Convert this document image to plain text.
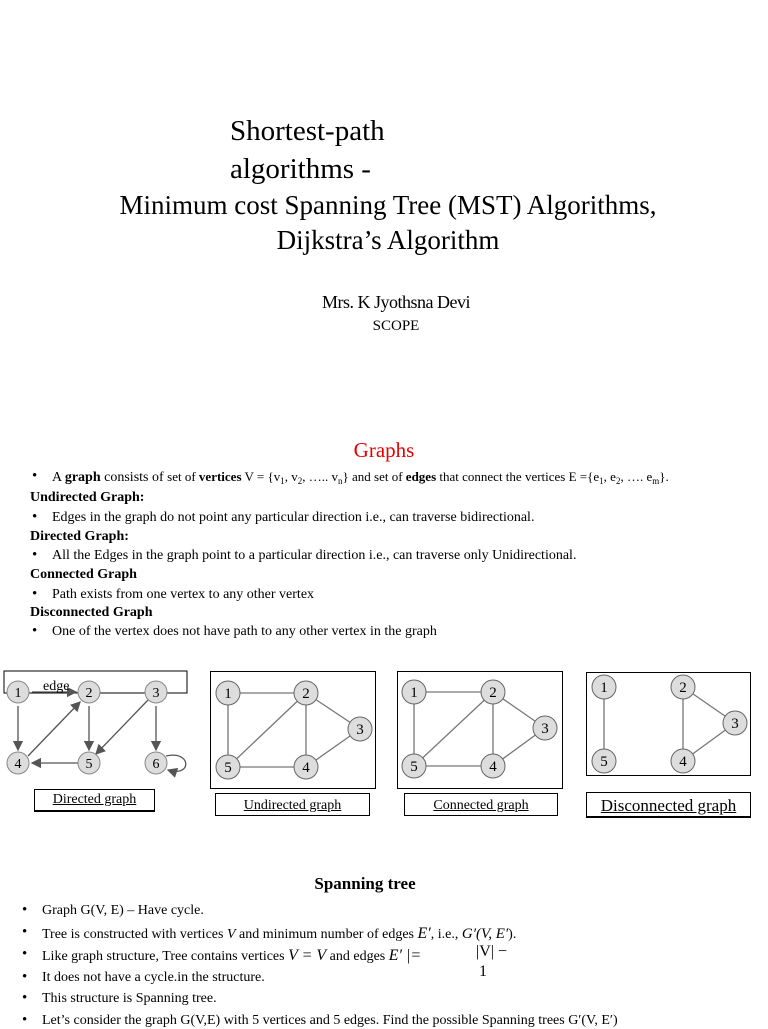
Shortest-path
algorithms -
Minimum cost Spanning Tree (MST) Algorithms,
Dijkstra’s Algorithm
Mrs. K Jyothsna Devi
SCOPE
Graphs
• A graph consists of set of vertices $V = \{v_1$, $v_2$, ….. $v_n$} and set of edges that connect the vertices $E =\{e_1$, $e_2$, …. $e_m$}.
Undirected Graph:
• Edges in the graph do not point any particular direction i.e., can traverse bidirectional.
Directed Graph:
• All the Edges in the graph point to a particular direction i.e., can traverse only Unidirectional.
Connected Graph
• Path exists from one vertex to any other vertex
Disconnected Graph
• One of the vertex does not have path to any other vertex in the graph
edge
1	2	3
4	5	6
1	2
3
4
5
1	2
3
4
5
1	2
3
4
5
Directed graph	Undirected graph	Connected graph	Disconnected graph
Spanning tree
• Graph G(V, E) – Have cycle.
• Tree is constructed with vertices V and minimum number of edges E′, i.e., G′(V, E′).
• Like graph structure, Tree contains vertices V = V and edges E′ |=	|V| −
1
• It does not have a cycle.in the structure.
• This structure is Spanning tree.
• Let’s consider the graph G(V,E) with 5 vertices and 5 edges. Find the possible Spanning trees G′(V, E′)
